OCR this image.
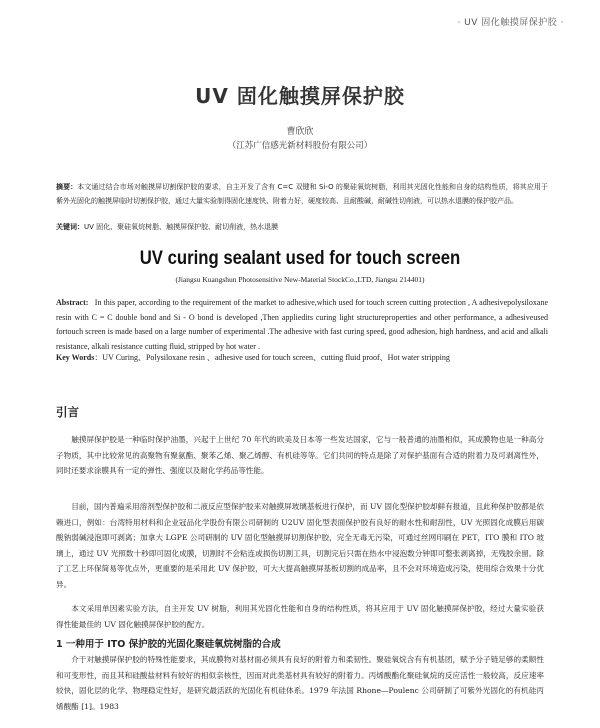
· UV 固化触摸屏保护胶 ·
UV 固化触摸屏保护胶
曹欣欣
（江苏广信感光新材料股份有限公司）
摘要：本文通过结合市场对触摸屏切割保护胶的要求，自主开发了含有 C=C 双键和 Si-O 的聚硅氧烷树脂，利用其光固化性能和自身的结构性质，将其应用于紫外光固化的触摸屏临时切割保护胶，通过大量实验制得固化速度快、附着力好，硬度较高、且耐酸碱，耐碱性切削液，可以热水退膜的保护胶产品。
关键词：UV 固化、聚硅氧烷树脂、触摸屏保护胶、耐切削液，热水退膜
UV curing sealant used for touch screen
(Jiangsu Kuangshun Photosensitive New-Material StockCo.,LTD, Jiangsu 214401)
Abstract: In this paper, according to the requirement of the market to adhesive,which used for touch screen cutting protection , A adhesivepolysiloxane resin with C = C double bond and Si - O bond is developed ,Then appliedits curing light structureproperties and other performance, a adhesiveused fortouch screen is made based on a large number of experimental .The adhesive with fast curing speed, good adhesion, high hardness, and acid and alkali resistance, alkali resistance cutting fluid, stripped by hot water .
Key Words：UV Curing、Polysiloxane resin 、adhesive used for touch screen、cutting fluid proof、Hot water stripping
引言
触摸屏保护胶是一种临时保护油墨，兴起于上世纪 70 年代的欧美及日本等一些发达国家，它与一般普通的油墨相似，其成膜物也是一种高分子物质，其中比较常见的高聚物有聚氨酯、聚苯乙烯、聚乙烯醇、有机硅等等。它们共同的特点是除了对保护基面有合适的附着力及可剥离性外，同时还要求涂膜具有一定的弹性、强度以及耐化学药品等性能。
目前，国内普遍采用溶剂型保护胶和二液反应型保护胶来对触摸屏玻璃基板进行保护，而 UV 固化型保护胶却鲜有报道，且此种保护胶都是依赖进口，例如：台湾特用材料和企业冠品化学股份有限公司研制的 U2UV 固化型表面保护胶有良好的耐水性和耐刮性，UV 光照固化成膜后用碳酸钠弱碱浸泡即可剥离；加拿大 LGPE 公司研制的 UV 固化型触摸屏切割保护胶，完全无毒无污染，可通过丝网印刷在 PET，ITO 膜和 ITO 玻璃上，通过 UV 光照数十秒即可固化成膜，切割时不会粘连或损伤切割工具，切割完后只需在热水中浸泡数分钟即可整张剥离掉，无残胶余留。除了工艺上环保简易等优点外，更重要的是采用此 UV 保护胶，可大大提高触摸屏基板切割的成品率，且不会对环境造成污染，使用综合效果十分优异。
本文采用单因素实验方法，自主开发 UV 树脂，利用其光固化性能和自身的结构性质，将其应用于 UV 固化触摸屏保护胶，经过大量实验获得性能最佳的 UV 固化触摸屏保护胶的配方。
1 一种用于 ITO 保护胶的光固化聚硅氧烷树脂的合成
介于对触摸屏保护胶的特殊性能要求，其成膜物对基材面必须具有良好的附着力和柔韧性。聚硅氧烷含有有机基团，赋予分子链足够的柔顺性和可变形性，而且其和硅酸盐材料有较好的相似亲核性，因而对此类基材具有较好的附着力。丙烯酸酯化聚硅氧烷的反应活性一般较高，反应速率较快，固化层的化学、物理稳定性好，是研究最活跃的光固化有机硅体系。1979 年法国 Rhone—Poulenc 公司研制了可紫外光固化的有机硅丙烯酸酯 [1]。1983
